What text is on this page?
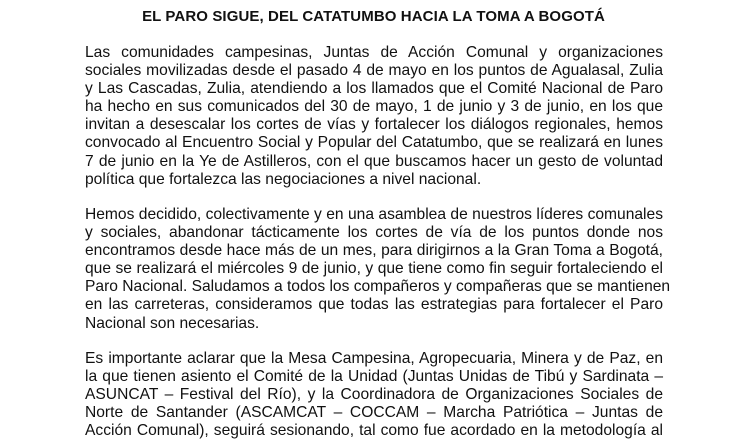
EL PARO SIGUE, DEL CATATUMBO HACIA LA TOMA A BOGOTÁ

Las comunidades campesinas, Juntas de Acción Comunal y organizaciones
sociales movilizadas desde el pasado 4 de mayo en los puntos de Agualasal, Zulia
y Las Cascadas, Zulia, atendiendo a los llamados que el Comité Nacional de Paro
ha hecho en sus comunicados del 30 de mayo, 1 de junio y 3 de junio, en los que
invitan a desescalar los cortes de vías y fortalecer los diálogos regionales, hemos
convocado al Encuentro Social y Popular del Catatumbo, que se realizará en lunes
7 de junio en la Ye de Astilleros, con el que buscamos hacer un gesto de voluntad
política que fortalezca las negociaciones a nivel nacional.

Hemos decidido, colectivamente y en una asamblea de nuestros líderes comunales
y sociales, abandonar tácticamente los cortes de vía de los puntos donde nos
encontramos desde hace más de un mes, para dirigirnos a la Gran Toma a Bogotá,
que se realizará el miércoles 9 de junio, y que tiene como fin seguir fortaleciendo el
Paro Nacional. Saludamos a todos los compañeros y compañeras que se mantienen
en las carreteras, consideramos que todas las estrategias para fortalecer el Paro
Nacional son necesarias.

Es importante aclarar que la Mesa Campesina, Agropecuaria, Minera y de Paz, en
la que tienen asiento el Comité de la Unidad (Juntas Unidas de Tibú y Sardinata –
ASUNCAT – Festival del Río), y la Coordinadora de Organizaciones Sociales de
Norte de Santander (ASCAMCAT – COCCAM – Marcha Patriótica – Juntas de
Acción Comunal), seguirá sesionando, tal como fue acordado en la metodología al
